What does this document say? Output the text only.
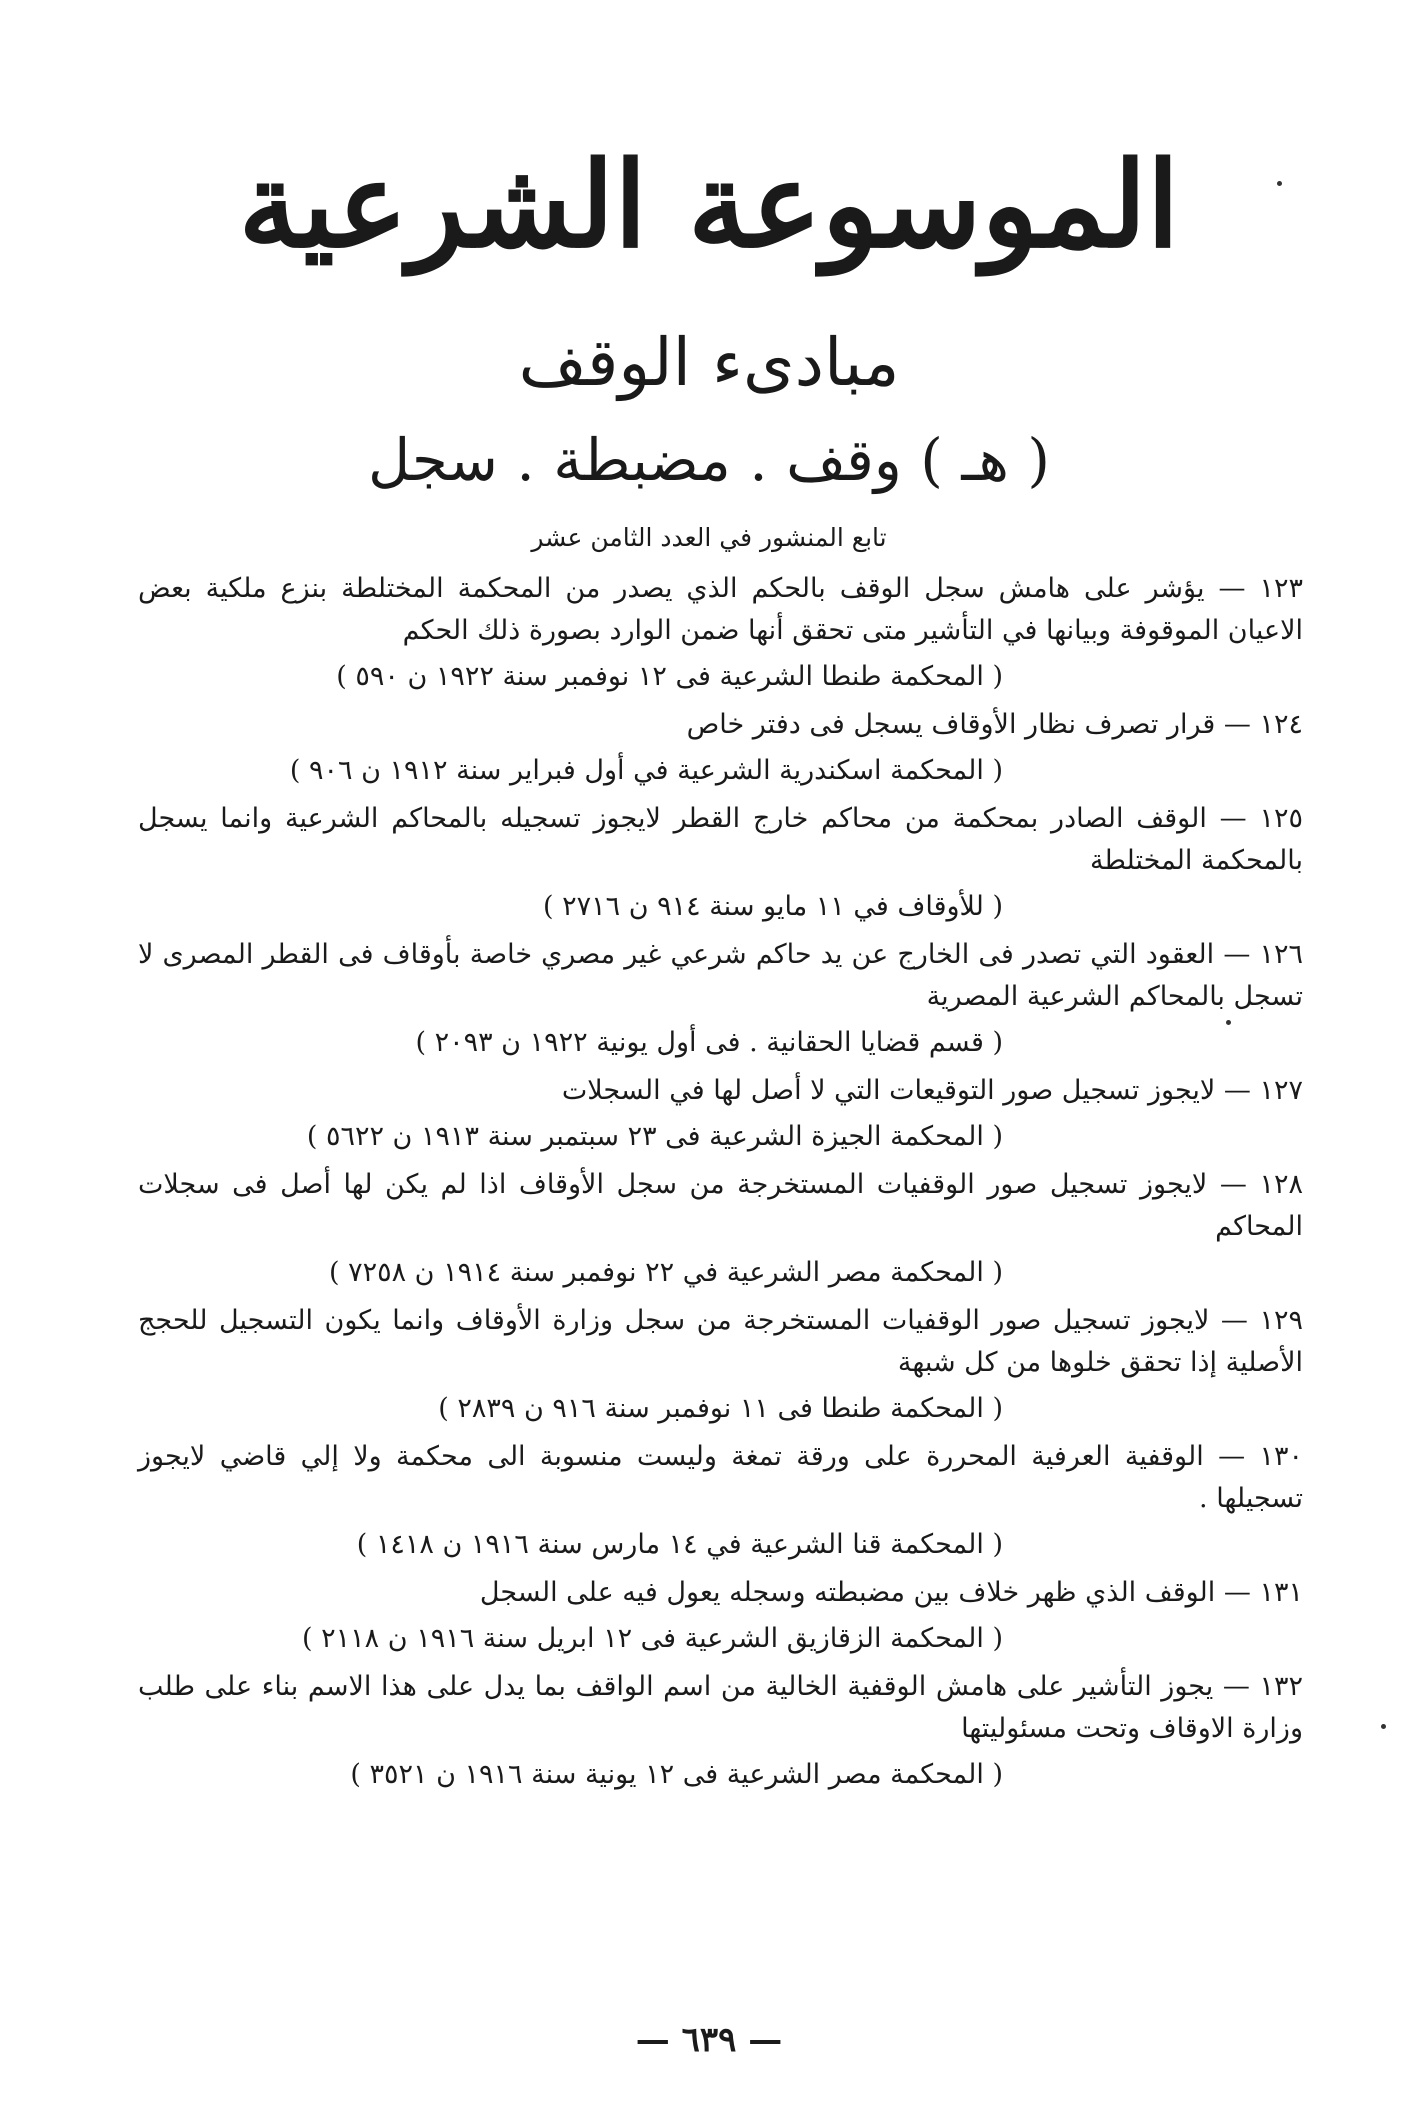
الموسوعة الشرعية
مبادىء الوقف
( هـ ) وقف . مضبطة . سجل
تابع المنشور في العدد الثامن عشر
١٢٣ — يؤشر على هامش سجل الوقف بالحكم الذي يصدر من المحكمة المختلطة بنزع ملكية بعض الاعيان الموقوفة وبيانها في التأشير متى تحقق أنها ضمن الوارد بصورة ذلك الحكم
( المحكمة طنطا الشرعية فى ١٢ نوفمبر سنة ١٩٢٢ ن ٥٩٠ )
١٢٤ — قرار تصرف نظار الأوقاف يسجل فى دفتر خاص
( المحكمة اسكندرية الشرعية في أول فبراير سنة ١٩١٢ ن ٩٠٦ )
١٢٥ — الوقف الصادر بمحكمة من محاكم خارج القطر لايجوز تسجيله بالمحاكم الشرعية وانما يسجل بالمحكمة المختلطة
( للأوقاف في ١١ مايو سنة ٩١٤ ن ٢٧١٦ )
١٢٦ — العقود التي تصدر فى الخارج عن يد حاكم شرعي غير مصري خاصة بأوقاف فى القطر المصرى لا تسجل بالمحاكم الشرعية المصرية
( قسم قضايا الحقانية . فى أول يونية ١٩٢٢ ن ٢٠٩٣ )
١٢٧ — لايجوز تسجيل صور التوقيعات التي لا أصل لها في السجلات
( المحكمة الجيزة الشرعية فى ٢٣ سبتمبر سنة ١٩١٣ ن ٥٦٢٢ )
١٢٨ — لايجوز تسجيل صور الوقفيات المستخرجة من سجل الأوقاف اذا لم يكن لها أصل فى سجلات المحاكم
( المحكمة مصر الشرعية في ٢٢ نوفمبر سنة ١٩١٤ ن ٧٢٥٨ )
١٢٩ — لايجوز تسجيل صور الوقفيات المستخرجة من سجل وزارة الأوقاف وانما يكون التسجيل للحجج الأصلية إذا تحقق خلوها من كل شبهة
( المحكمة طنطا فى ١١ نوفمبر سنة ٩١٦ ن ٢٨٣٩ )
١٣٠ — الوقفية العرفية المحررة على ورقة تمغة وليست منسوبة الى محكمة ولا إلي قاضي لايجوز تسجيلها .
( المحكمة قنا الشرعية في ١٤ مارس سنة ١٩١٦ ن ١٤١٨ )
١٣١ — الوقف الذي ظهر خلاف بين مضبطته وسجله يعول فيه على السجل
( المحكمة الزقازيق الشرعية فى ١٢ ابريل سنة ١٩١٦ ن ٢١١٨ )
١٣٢ — يجوز التأشير على هامش الوقفية الخالية من اسم الواقف بما يدل على هذا الاسم بناء على طلب وزارة الاوقاف وتحت مسئوليتها
( المحكمة مصر الشرعية فى ١٢ يونية سنة ١٩١٦ ن ٣٥٢١ )
— ٦٣٩ —
